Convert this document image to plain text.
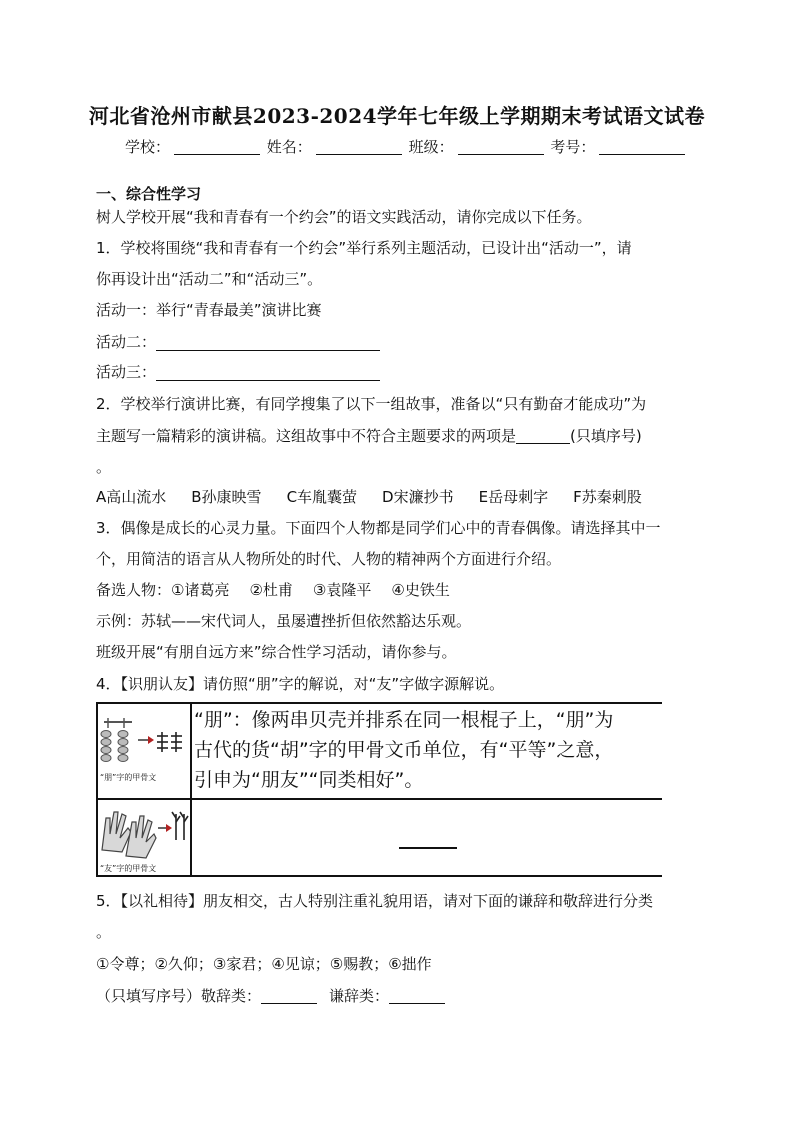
河北省沧州市献县2023-2024学年七年级上学期期末考试语文试卷
学校：	姓名：	班级：	考号：
一、综合性学习
树人学校开展“我和青春有一个约会”的语文实践活动，请你完成以下任务。
1．学校将围绕“我和青春有一个约会”举行系列主题活动，已设计出“活动一”，请
你再设计出“活动二”和“活动三”。
活动一：举行“青春最美”演讲比赛
活动二：
活动三：
2．学校举行演讲比赛，有同学搜集了以下一组故事，准备以“只有勤奋才能成功”为
主题写一篇精彩的演讲稿。这组故事中不符合主题要求的两项是	(只填序号)
。
A高山流水 B孙康映雪 C车胤囊萤 D宋濂抄书 E岳母刺字 F苏秦刺股
3．偶像是成长的心灵力量。下面四个人物都是同学们心中的青春偶像。请选择其中一
个，用简洁的语言从人物所处的时代、人物的精神两个方面进行介绍。
备选人物：①诸葛亮 ②杜甫 ③袁隆平 ④史铁生
示例：苏轼——宋代词人，虽屡遭挫折但依然豁达乐观。
班级开展“有朋自远方来”综合性学习活动，请你参与。
4．【识朋认友】请仿照“朋”字的解说，对“友”字做字源解说。
“朋”字的甲骨文
“朋”：像两串贝壳并排系在同一根棍子上，“朋”为
古代的货“胡”字的甲骨文币单位，有“平等”之意，
引申为“朋友”“同类相好”。
“友”字的甲骨文
5．【以礼相待】朋友相交，古人特别注重礼貌用语，请对下面的谦辞和敬辞进行分类
。
①令尊；②久仰；③家君；④见谅；⑤赐教；⑥拙作
（只填写序号）敬辞类：	谦辞类：
